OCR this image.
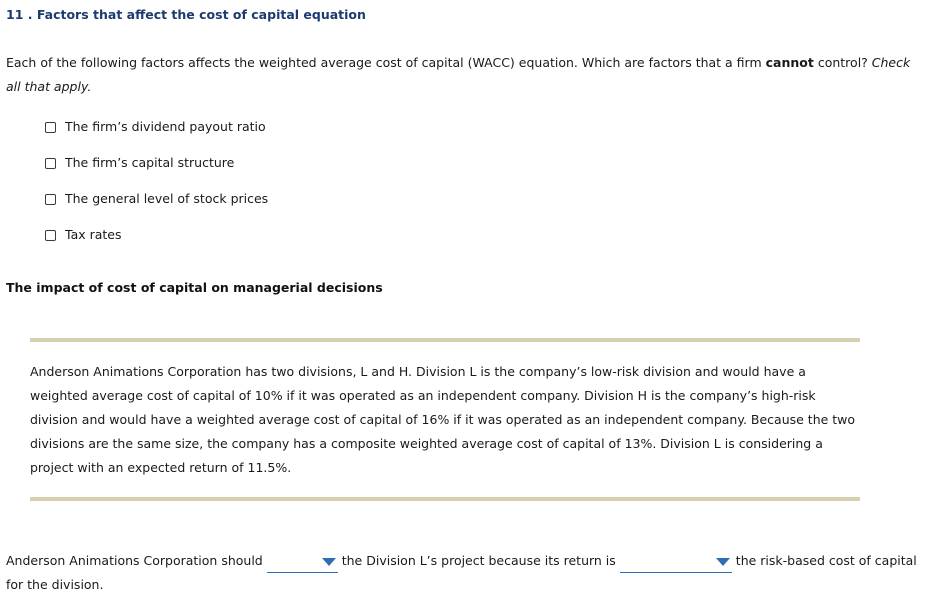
11 . Factors that affect the cost of capital equation
Each of the following factors affects the weighted average cost of capital (WACC) equation. Which are factors that a firm cannot control? Check all that apply.
The firm’s dividend payout ratio
The firm’s capital structure
The general level of stock prices
Tax rates
The impact of cost of capital on managerial decisions
Anderson Animations Corporation has two divisions, L and H. Division L is the company’s low-risk division and would have a weighted average cost of capital of 10% if it was operated as an independent company. Division H is the company’s high-risk division and would have a weighted average cost of capital of 16% if it was operated as an independent company. Because the two divisions are the same size, the company has a composite weighted average cost of capital of 13%. Division L is considering a project with an expected return of 11.5%.
Anderson Animations Corporation should	the Division L’s project because its return is	the risk-based cost of capital for the division.
